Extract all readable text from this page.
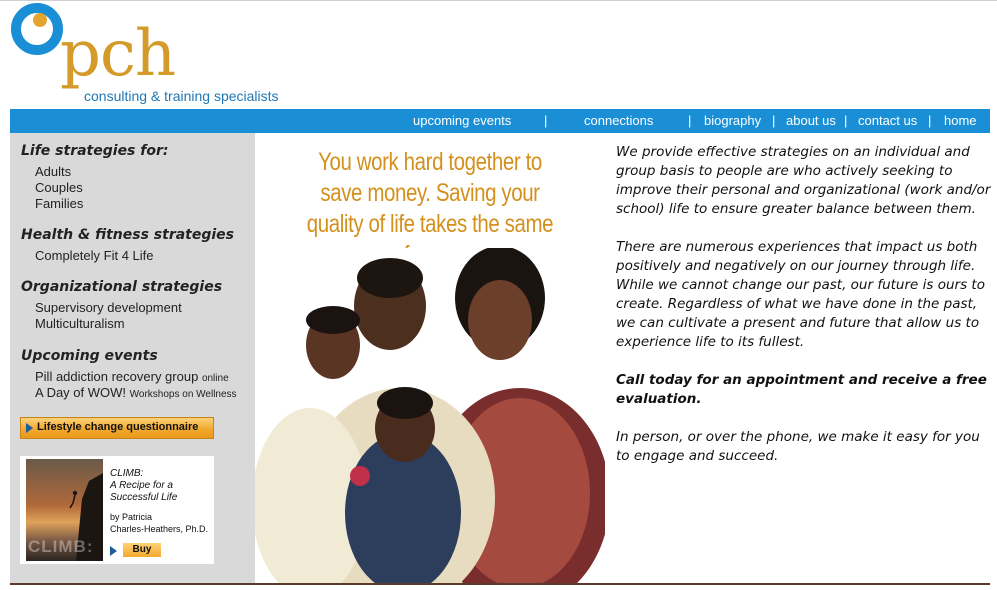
pch
consulting & training specialists
upcoming events	|	connections	| biography | about us | contact us | home
Life strategies for:
Adults
Couples
Families
Health & fitness strategies
Completely Fit 4 Life
Organizational strategies
Supervisory development
Multiculturalism
Upcoming events
Pill addiction recovery group online
A Day of WOW! Workshops on Wellness
Lifestyle change questionnaire
CLIMB:
CLIMB:
A Recipe for a
Successful Life
by Patricia
Charles-Heathers, Ph.D.
Buy
You work hard together to save money. Saving your quality of life takes the same

We provide effective strategies on an individual and group basis to people are who actively seeking to improve their personal and organizational (work and/or school) life to ensure greater balance between them.

There are numerous experiences that impact us both positively and negatively on our journey through life.  While we cannot change our past, our future is ours to create. Regardless of what we have done in the past, we can cultivate a present and future that allow us to experience life to its fullest.

Call today for an appointment and receive a free evaluation.

In person, or over the phone, we make it easy for you to engage and succeed.
